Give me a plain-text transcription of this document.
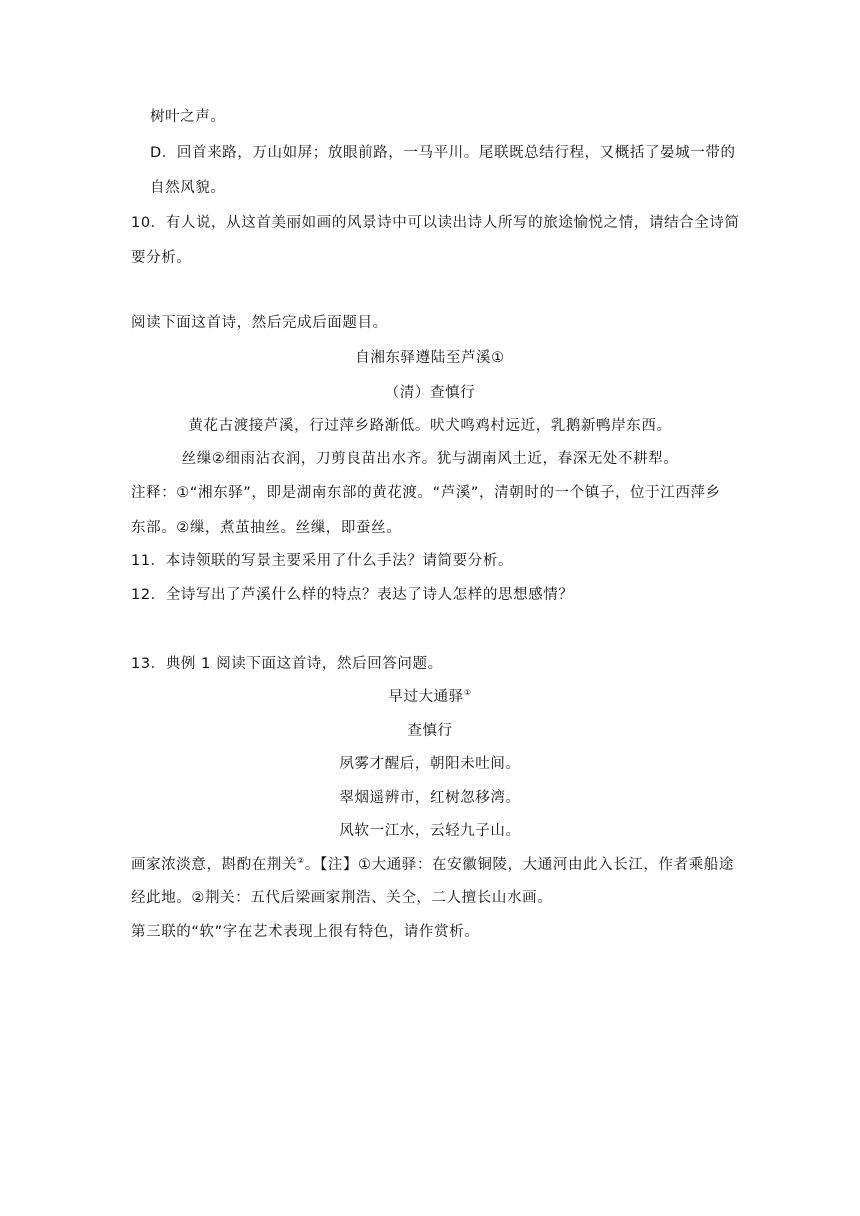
树叶之声。
D．回首来路，万山如屏；放眼前路，一马平川。尾联既总结行程，又概括了晏城一带的
自然风貌。
10．有人说，从这首美丽如画的风景诗中可以读出诗人所写的旅途愉悦之情，请结合全诗简
要分析。
阅读下面这首诗，然后完成后面题目。
自湘东驿遵陆至芦溪①
（清）查慎行
黄花古渡接芦溪，行过萍乡路渐低。吠犬鸣鸡村远近，乳鹅新鸭岸东西。
丝缫②细雨沾衣润，刀剪良苗出水齐。犹与湖南风土近，春深无处不耕犁。
注释：①“湘东驿”，即是湖南东部的黄花渡。“芦溪”，清朝时的一个镇子，位于江西萍乡
东部。②缫，煮茧抽丝。丝缫，即蚕丝。
11．本诗领联的写景主要采用了什么手法？请简要分析。
12．全诗写出了芦溪什么样的特点？表达了诗人怎样的思想感情？
13．典例 1 阅读下面这首诗，然后回答问题。
早过大通驿①
查慎行
夙雾才醒后，朝阳未吐间。
翠烟遥辨市，红树忽移湾。
风软一江水，云轻九子山。
画家浓淡意，斟酌在荆关②。【注】①大通驿：在安徽铜陵，大通河由此入长江，作者乘船途
经此地。②荆关：五代后梁画家荆浩、关仝，二人擅长山水画。
第三联的“软”字在艺术表现上很有特色，请作赏析。
